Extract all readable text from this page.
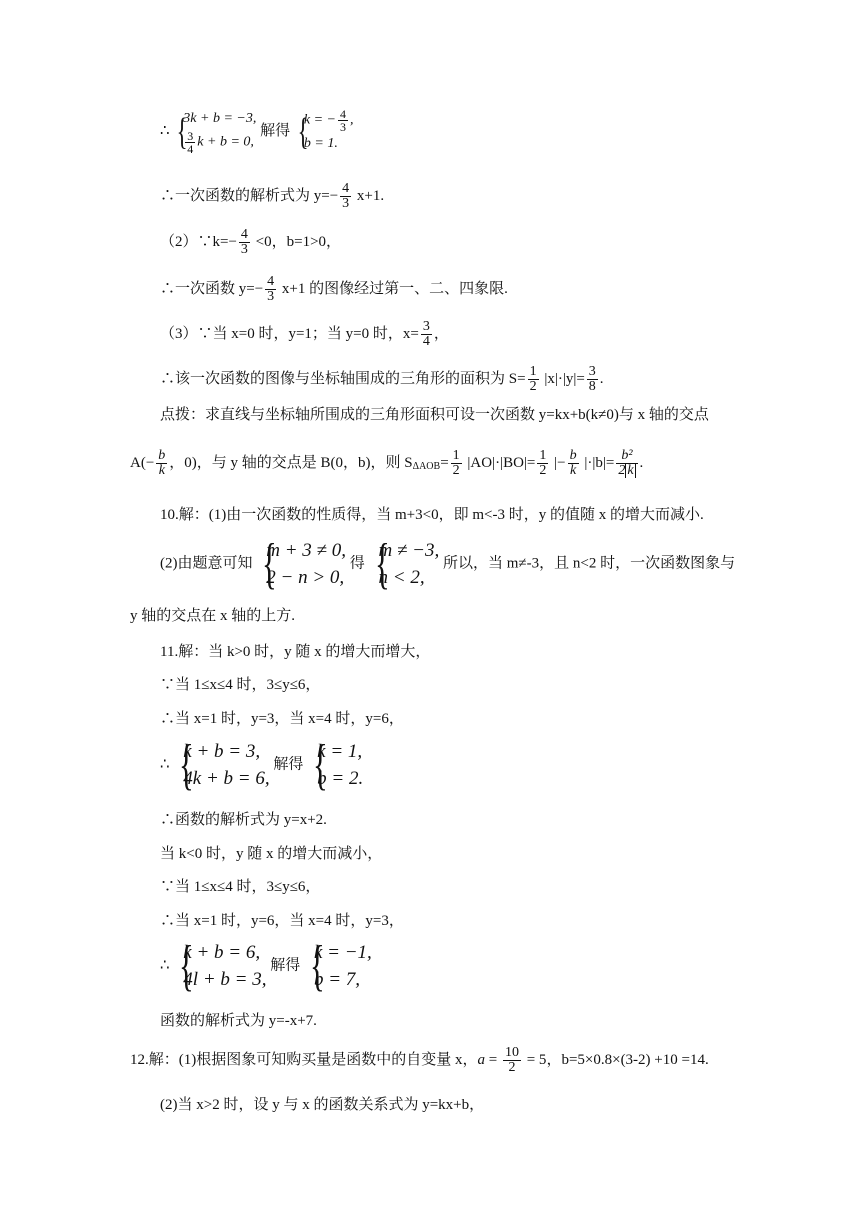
∴ {
3k + b = −3,
$\frac{3}{4}$ k + b = 0,
解得 {
k = − $\frac{4}{3}$ ,
b = 1.
∴一次函数的解析式为 $y=- \frac{4}{3} x+1$.
（2）∵k=− $\frac{4}{3} <0$，b=1>0，
∴一次函数 $y=- \frac{4}{3} x+1$ 的图像经过第一、二、四象限.
（3）∵当 x=0 时，y=1；当 y=0 时，$x= \frac{3}{4}$ ，
∴该一次函数的图像与坐标轴围成的三角形的面积为 $S= \frac{1}{2} |x|\cdot|y|= \frac{3}{8}$ .
点拨：求直线与坐标轴所围成的三角形面积可设一次函数 y=kx+b(k≠0)与 x 轴的交点
$A(- \frac{b}{k}$ ，0)，与 y 轴的交点是 B(0，b)，则 $S_{\Delta AOB}= \frac{1}{2} |AO|\cdot|BO|= \frac{1}{2}$ |− $\frac{b}{k} |\cdot|b|= \frac{\text{b²}}{2 k}$ .
10.解：(1)由一次函数的性质得，当 m+3<0，即 m<-3 时，y 的值随 x 的增大而减小.
(2)由题意可知 {
m + 3 ≠ 0,
2 − n > 0,
得 {
m ≠ −3,
n < 2,
所以，当 m≠-3，且 n<2 时，一次函数图象与
y 轴的交点在 x 轴的上方.
11.解：当 k>0 时，y 随 x 的增大而增大，
∵当 1≤x≤4 时，3≤y≤6，
∴当 x=1 时，y=3，当 x=4 时，y=6，
∴ {
k + b = 3,
4k + b = 6,
解得 {
k = 1,
b = 2.
∴函数的解析式为 y=x+2.
当 k<0 时，y 随 x 的增大而减小，
∵当 1≤x≤4 时，3≤y≤6，
∴当 x=1 时，y=6，当 x=4 时，y=3，
∴ {
k + b = 6,
4l + b = 3,
解得 {
k = −1,
b = 7,
函数的解析式为 y=-x+7.
12.解：(1)根据图象可知购买量是函数中的自变量 x，$a = \frac{10}{2} = 5$，b=5×0.8×(3-2) +10 =14.
(2)当 x>2 时，设 y 与 x 的函数关系式为 y=kx+b，
